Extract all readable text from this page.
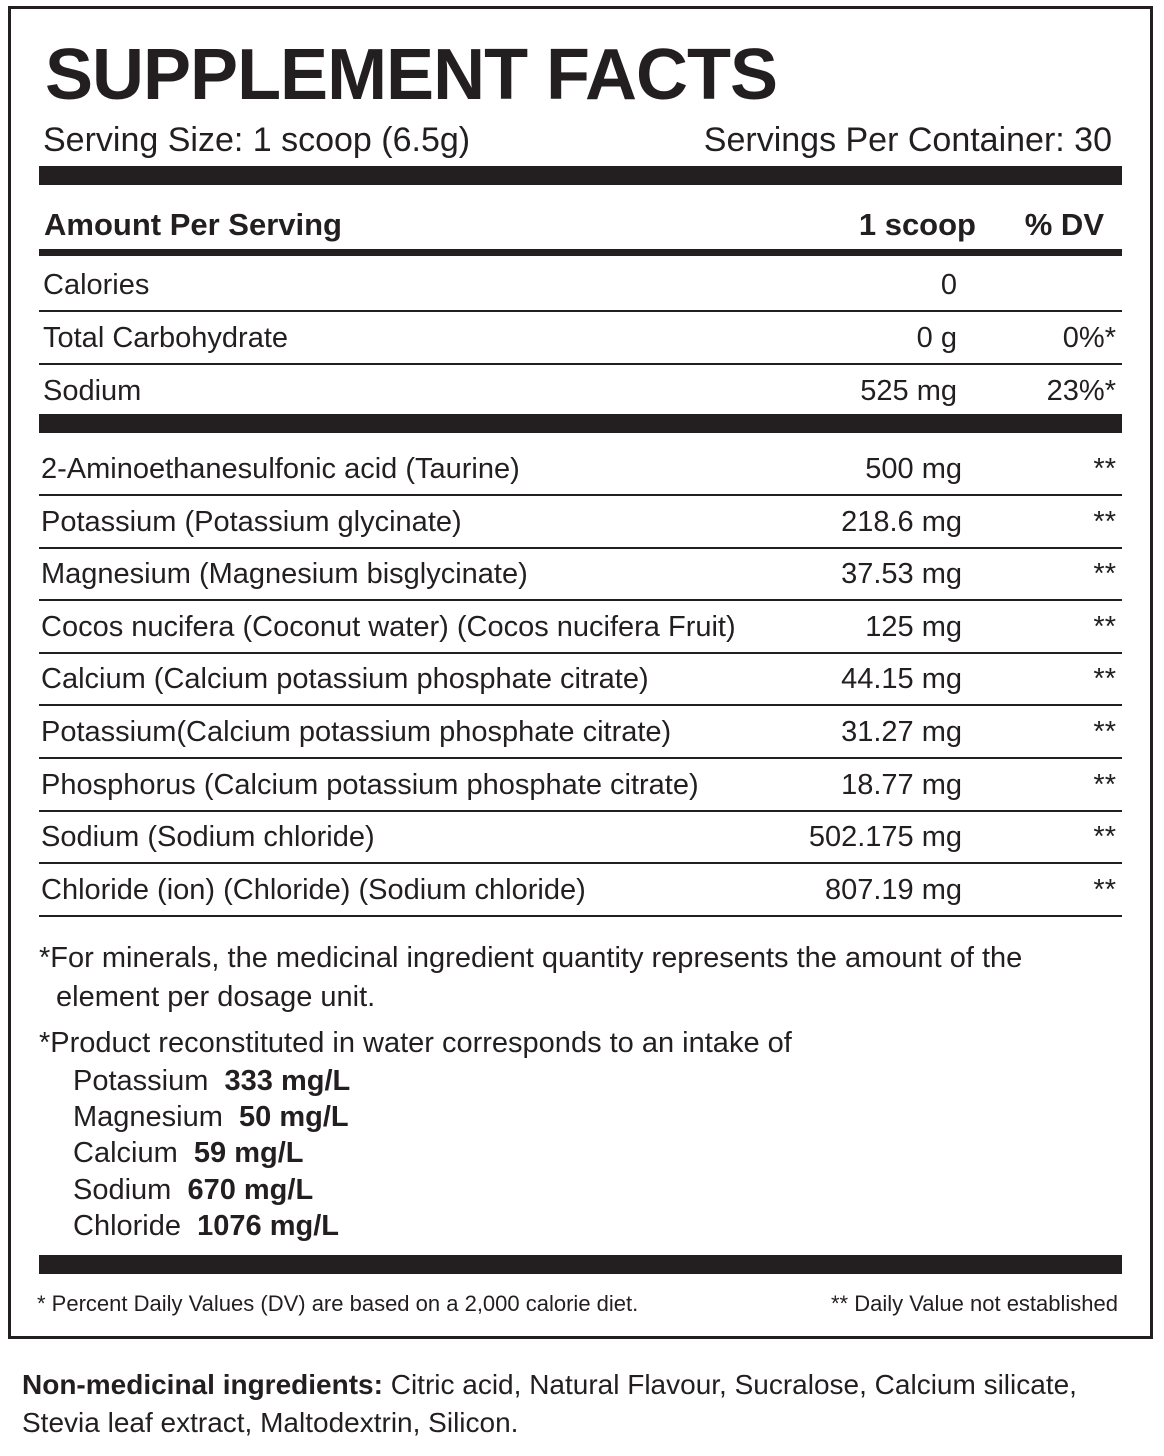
SUPPLEMENT FACTS
Serving Size: 1 scoop (6.5g)	Servings Per Container: 30
Amount Per Serving	1 scoop % DV
Calories	0
Total Carbohydrate	0 g	0%*
Sodium	525 mg	23%*
2-Aminoethanesulfonic acid (Taurine)	500 mg	**
Potassium (Potassium glycinate)	218.6 mg	**
Magnesium (Magnesium bisglycinate)	37.53 mg	**
Cocos nucifera (Coconut water) (Cocos nucifera Fruit)	125 mg	**
Calcium (Calcium potassium phosphate citrate)	44.15 mg	**
Potassium(Calcium potassium phosphate citrate)	31.27 mg	**
Phosphorus (Calcium potassium phosphate citrate)	18.77 mg	**
Sodium (Sodium chloride)	502.175 mg	**
Chloride (ion) (Chloride) (Sodium chloride)	807.19 mg	**
*For minerals, the medicinal ingredient quantity represents the amount of the
element per dosage unit.
*Product reconstituted in water corresponds to an intake of
Potassium 333 mg/L
Magnesium 50 mg/L
Calcium 59 mg/L
Sodium 670 mg/L
Chloride 1076 mg/L
* Percent Daily Values (DV) are based on a 2,000 calorie diet.	** Daily Value not established
Non-medicinal ingredients: Citric acid, Natural Flavour, Sucralose, Calcium silicate, Stevia leaf extract, Maltodextrin, Silicon.
